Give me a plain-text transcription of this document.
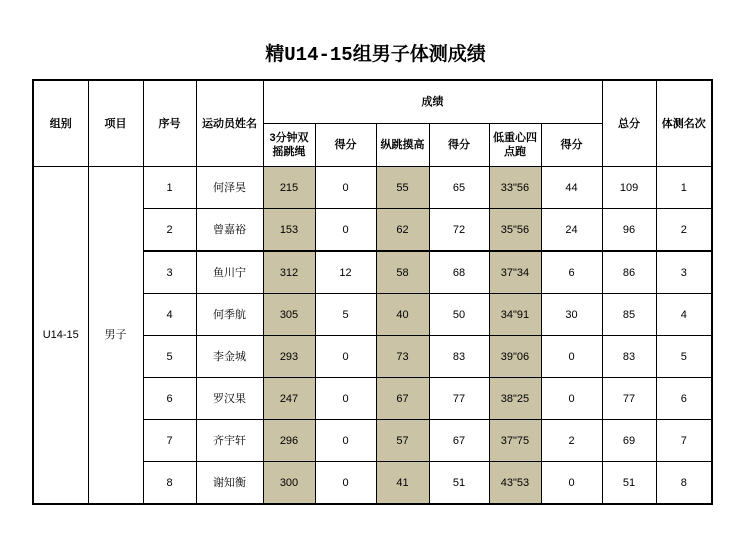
精U14-15组男子体测成绩
组别	项目	序号	运动员姓名	成绩						总分	体测名次
				3分钟双摇跳绳	得分	纵跳摸高	得分	低重心四点跑	得分		
U14-15	男子	1	何泽昊	215	0	55	65	33"56	44	109	1
		2	曾嘉裕	153	0	62	72	35"56	24	96	2
		3	鱼川宁	312	12	58	68	37"34	6	86	3
		4	何季航	305	5	40	50	34"91	30	85	4
		5	李金城	293	0	73	83	39"06	0	83	5
		6	罗汉果	247	0	67	77	38"25	0	77	6
		7	齐宇轩	296	0	57	67	37"75	2	69	7
		8	谢知衡	300	0	41	51	43"53	0	51	8
